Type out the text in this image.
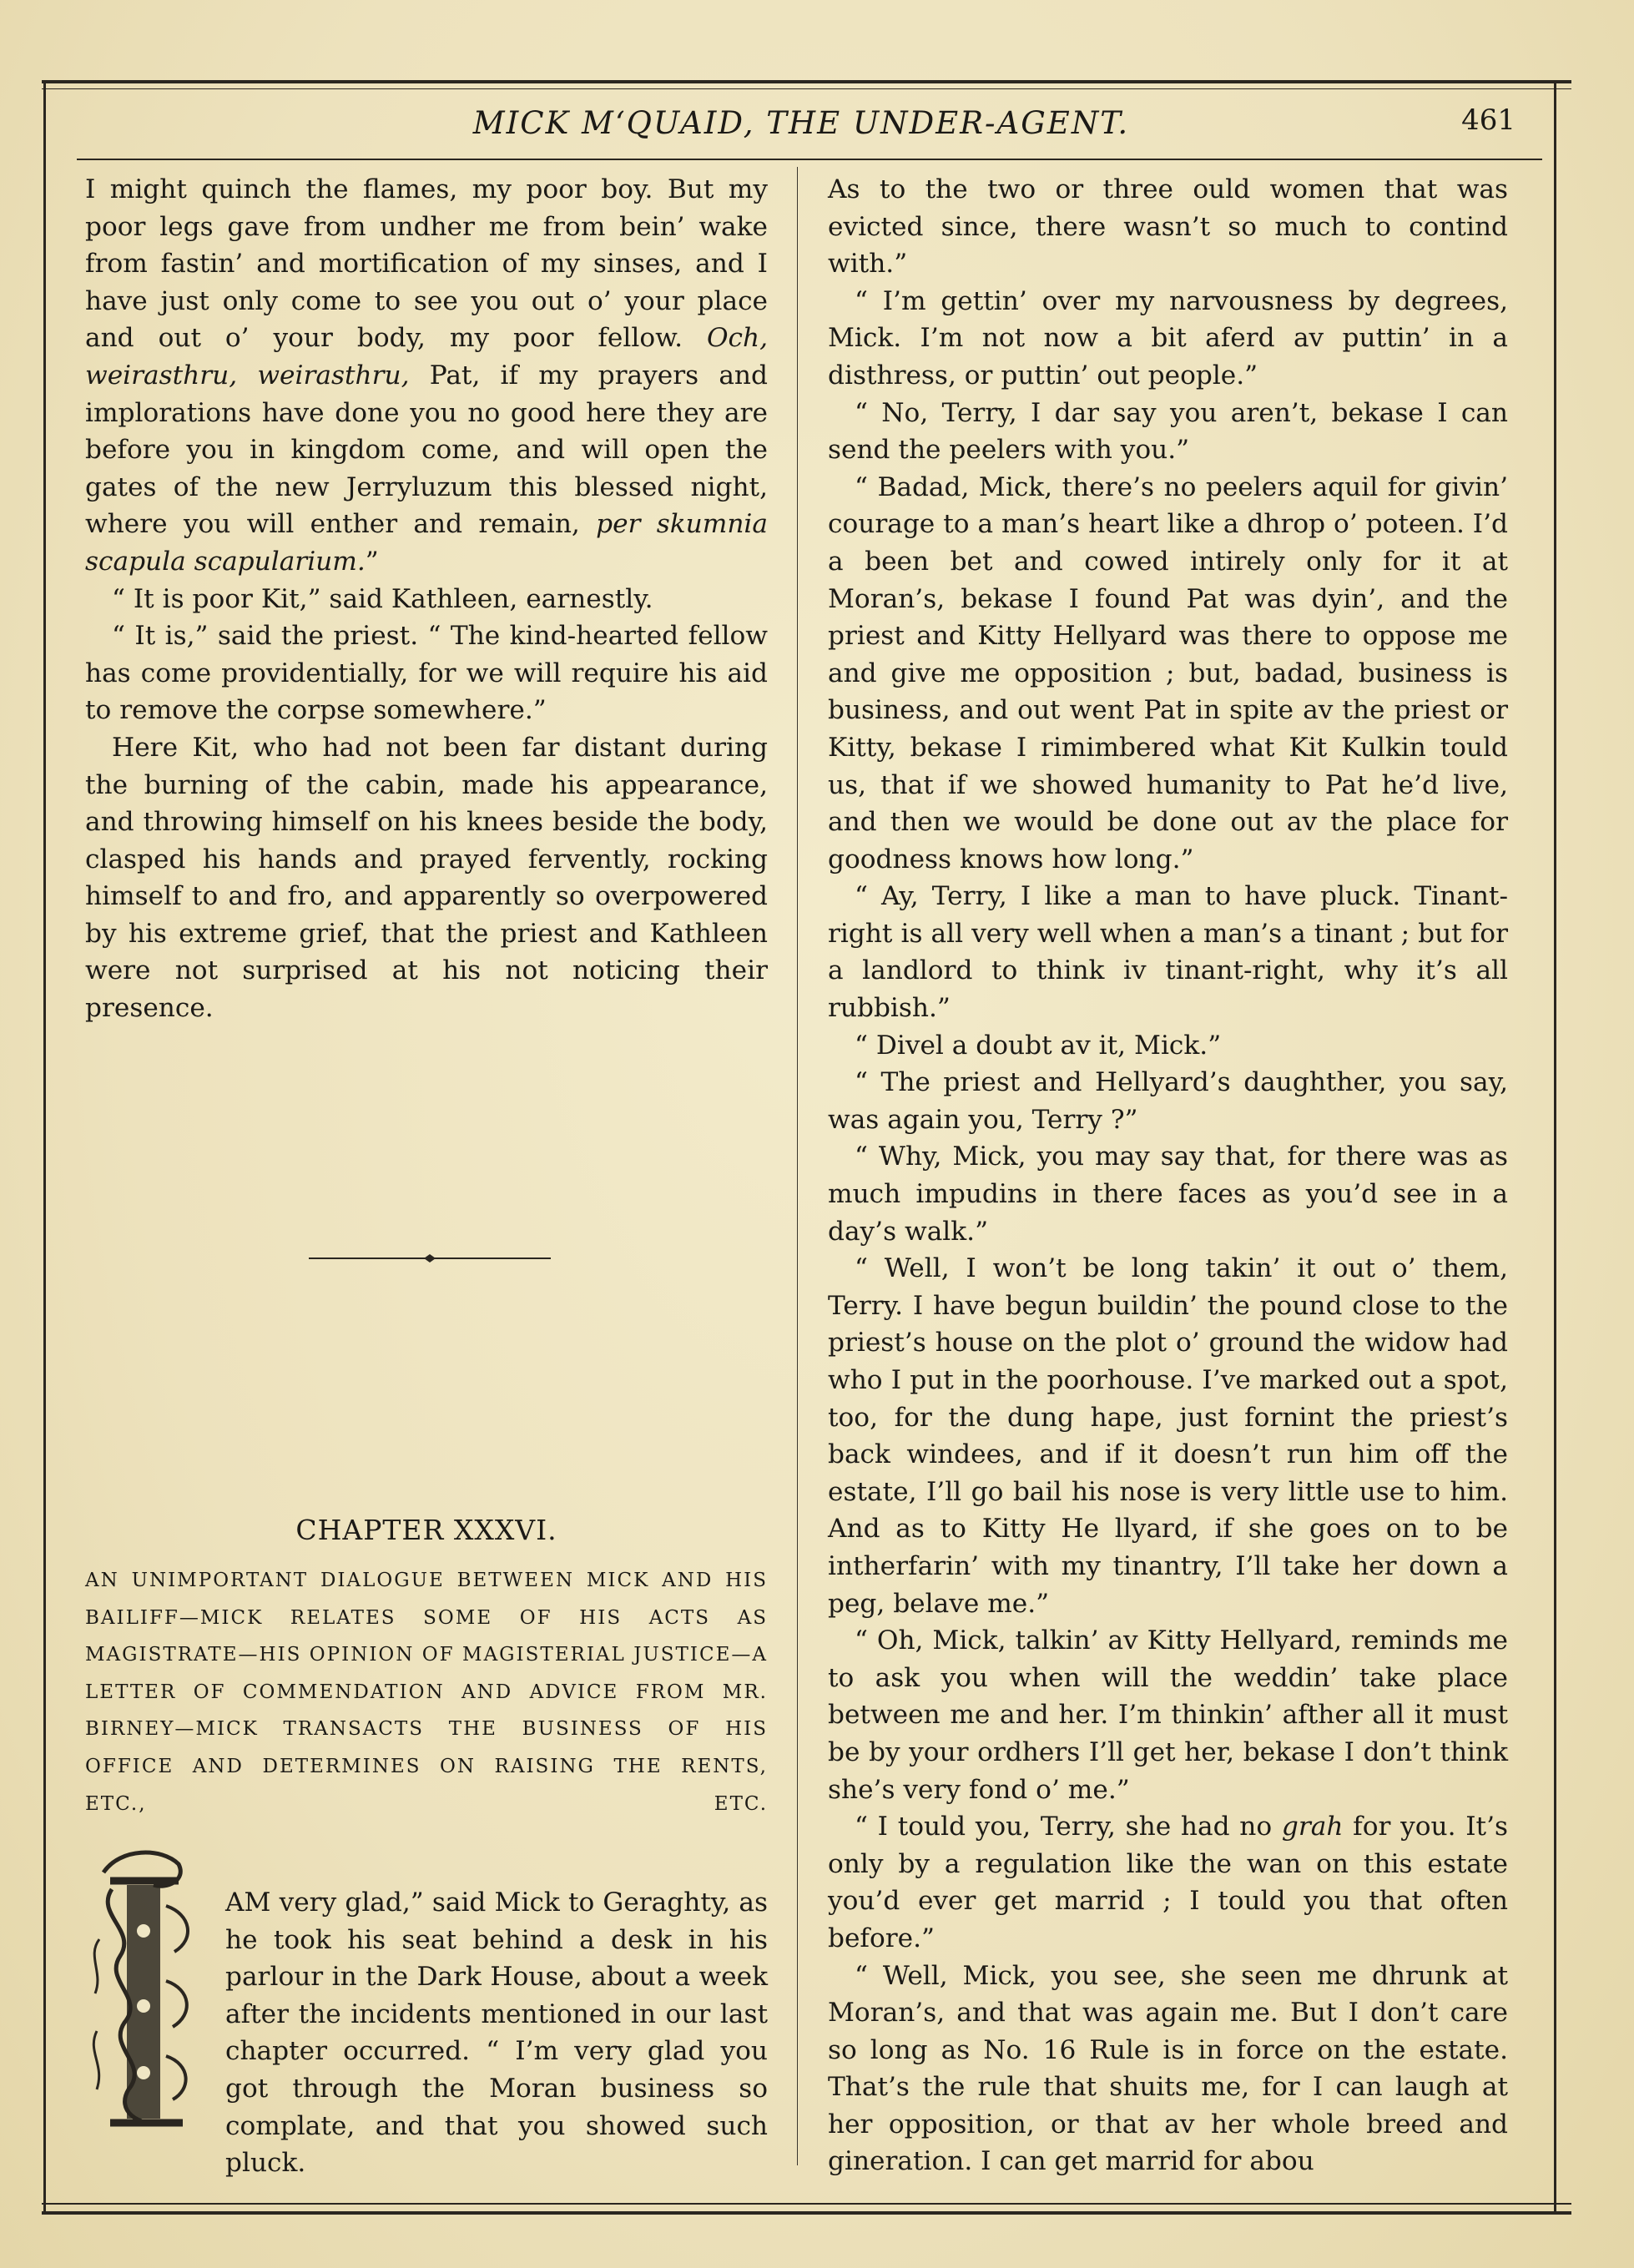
MICK M‘QUAID, THE UNDER-AGENT.	461

I might quinch the flames, my poor boy. But my poor legs gave from undher me from bein’ wake from fastin’ and mortification of my sinses, and I have just only come to see you out o’ your place and out o’ your body, my poor fellow. Och, weirasthru, weirasthru, Pat, if my prayers and implorations have done you no good here they are before you in kingdom come, and will open the gates of the new Jerryluzum this blessed night, where you will enther and remain, per skumnia scapula scapularium.”

“ It is poor Kit,” said Kathleen, earnestly.

“ It is,” said the priest. “ The kind-hearted fellow has come providentially, for we will require his aid to remove the corpse somewhere.”

Here Kit, who had not been far distant during the burning of the cabin, made his appearance, and throwing himself on his knees beside the body, clasped his hands and prayed fervently, rocking himself to and fro, and apparently so overpowered by his extreme grief, that the priest and Kathleen were not surprised at his not noticing their presence.

CHAPTER XXXVI.
AN UNIMPORTANT DIALOGUE BETWEEN MICK AND HIS BAILIFF—MICK RELATES SOME OF HIS ACTS AS MAGISTRATE—HIS OPINION OF MAGISTERIAL JUSTICE—A LETTER OF COMMENDATION AND ADVICE FROM MR. BIRNEY—MICK TRANSACTS THE BUSINESS OF HIS OFFICE AND DETERMINES ON RAISING THE RENTS, ETC., ETC.

AM very glad,” said Mick to Geraghty, as he took his seat behind a desk in his parlour in the Dark House, about a week after the incidents mentioned in our last chapter occurred. “ I’m very glad you got through the Moran business so complate, and that you showed such pluck.

As to the two or three ould women that was evicted since, there wasn’t so much to contind with.”

“ I’m gettin’ over my narvousness by degrees, Mick. I’m not now a bit aferd av puttin’ in a disthress, or puttin’ out people.”

“ No, Terry, I dar say you aren’t, bekase I can send the peelers with you.”

“ Badad, Mick, there’s no peelers aquil for givin’ courage to a man’s heart like a dhrop o’ poteen. I’d a been bet and cowed intirely only for it at Moran’s, bekase I found Pat was dyin’, and the priest and Kitty Hellyard was there to oppose me and give me opposition ; but, badad, business is business, and out went Pat in spite av the priest or Kitty, bekase I rimimbered what Kit Kulkin tould us, that if we showed humanity to Pat he’d live, and then we would be done out av the place for goodness knows how long.”

“ Ay, Terry, I like a man to have pluck. Tinant-right is all very well when a man’s a tinant ; but for a landlord to think iv tinant-right, why it’s all rubbish.”

“ Divel a doubt av it, Mick.”

“ The priest and Hellyard’s daughther, you say, was again you, Terry ?”

“ Why, Mick, you may say that, for there was as much impudins in there faces as you’d see in a day’s walk.”

“ Well, I won’t be long takin’ it out o’ them, Terry. I have begun buildin’ the pound close to the priest’s house on the plot o’ ground the widow had who I put in the poorhouse. I’ve marked out a spot, too, for the dung hape, just fornint the priest’s back windees, and if it doesn’t run him off the estate, I’ll go bail his nose is very little use to him. And as to Kitty He llyard, if she goes on to be intherfarin’ with my tinantry, I’ll take her down a peg, belave me.”

“ Oh, Mick, talkin’ av Kitty Hellyard, reminds me to ask you when will the weddin’ take place between me and her. I’m thinkin’ afther all it must be by your ordhers I’ll get her, bekase I don’t think she’s very fond o’ me.”

“ I tould you, Terry, she had no grah for you. It’s only by a regulation like the wan on this estate you’d ever get marrid ; I tould you that often before.”

“ Well, Mick, you see, she seen me dhrunk at Moran’s, and that was again me. But I don’t care so long as No. 16 Rule is in force on the estate. That’s the rule that shuits me, for I can laugh at her opposition, or that av her whole breed and gineration. I can get marrid for abou
